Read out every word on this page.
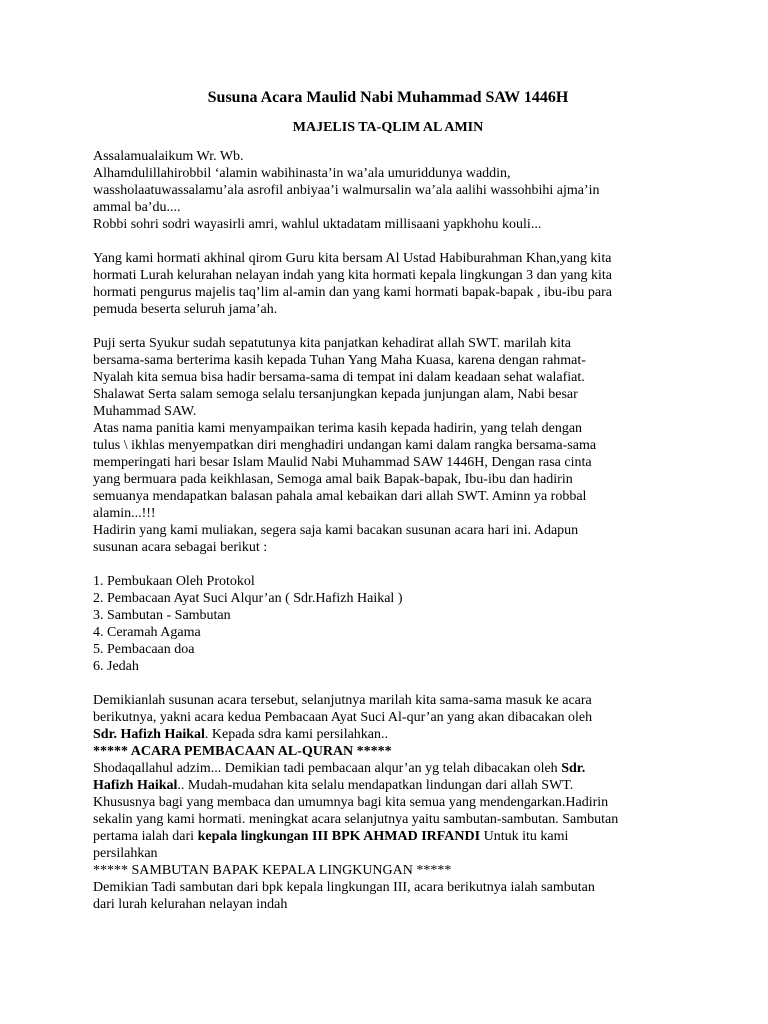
Susuna Acara Maulid Nabi Muhammad SAW 1446H
MAJELIS TA-QLIM AL AMIN
Assalamualaikum Wr. Wb.
Alhamdulillahirobbil ‘alamin wabihinasta’in wa’ala umuriddunya waddin,
wassholaatuwassalamu’ala asrofil anbiyaa’i walmursalin wa’ala aalihi wassohbihi ajma’in
ammal ba’du....
Robbi sohri sodri wayasirli amri, wahlul uktadatam millisaani yapkhohu kouli...
Yang kami hormati akhinal qirom Guru kita bersam Al Ustad Habiburahman Khan,yang kita
hormati Lurah kelurahan nelayan indah yang kita hormati kepala lingkungan 3 dan yang kita
hormati pengurus majelis taq’lim al-amin dan yang kami hormati bapak-bapak , ibu-ibu para
pemuda beserta seluruh jama’ah.
Puji serta Syukur sudah sepatutunya kita panjatkan kehadirat allah SWT. marilah kita
bersama-sama berterima kasih kepada Tuhan Yang Maha Kuasa, karena dengan rahmat-
Nyalah kita semua bisa hadir bersama-sama di tempat ini dalam keadaan sehat walafiat.
Shalawat Serta salam semoga selalu tersanjungkan kepada junjungan alam, Nabi besar
Muhammad SAW.
Atas nama panitia kami menyampaikan terima kasih kepada hadirin, yang telah dengan
tulus \ ikhlas menyempatkan diri menghadiri undangan kami dalam rangka bersama-sama
memperingati hari besar Islam Maulid Nabi Muhammad SAW 1446H, Dengan rasa cinta
yang bermuara pada keikhlasan, Semoga amal baik Bapak-bapak, Ibu-ibu dan hadirin
semuanya mendapatkan balasan pahala amal kebaikan dari allah SWT. Aminn ya robbal
alamin...!!!
Hadirin yang kami muliakan, segera saja kami bacakan susunan acara hari ini. Adapun
susunan acara sebagai berikut :
1. Pembukaan Oleh Protokol
2. Pembacaan Ayat Suci Alqur’an ( Sdr.Hafizh Haikal )
3. Sambutan - Sambutan
4. Ceramah Agama
5. Pembacaan doa
6. Jedah
Demikianlah susunan acara tersebut, selanjutnya marilah kita sama-sama masuk ke acara
berikutnya, yakni acara kedua Pembacaan Ayat Suci Al-qur’an yang akan dibacakan oleh
Sdr. Hafizh Haikal. Kepada sdra kami persilahkan..
***** ACARA PEMBACAAN AL-QURAN *****
Shodaqallahul adzim... Demikian tadi pembacaan alqur’an yg telah dibacakan oleh Sdr.
Hafizh Haikal.. Mudah-mudahan kita selalu mendapatkan lindungan dari allah SWT.
Khususnya bagi yang membaca dan umumnya bagi kita semua yang mendengarkan.Hadirin
sekalin yang kami hormati. meningkat acara selanjutnya yaitu sambutan-sambutan. Sambutan
pertama ialah dari kepala lingkungan III BPK AHMAD IRFANDI Untuk itu kami
persilahkan
***** SAMBUTAN BAPAK KEPALA LINGKUNGAN *****
Demikian Tadi sambutan dari bpk kepala lingkungan III, acara berikutnya ialah sambutan
dari lurah kelurahan nelayan indah
